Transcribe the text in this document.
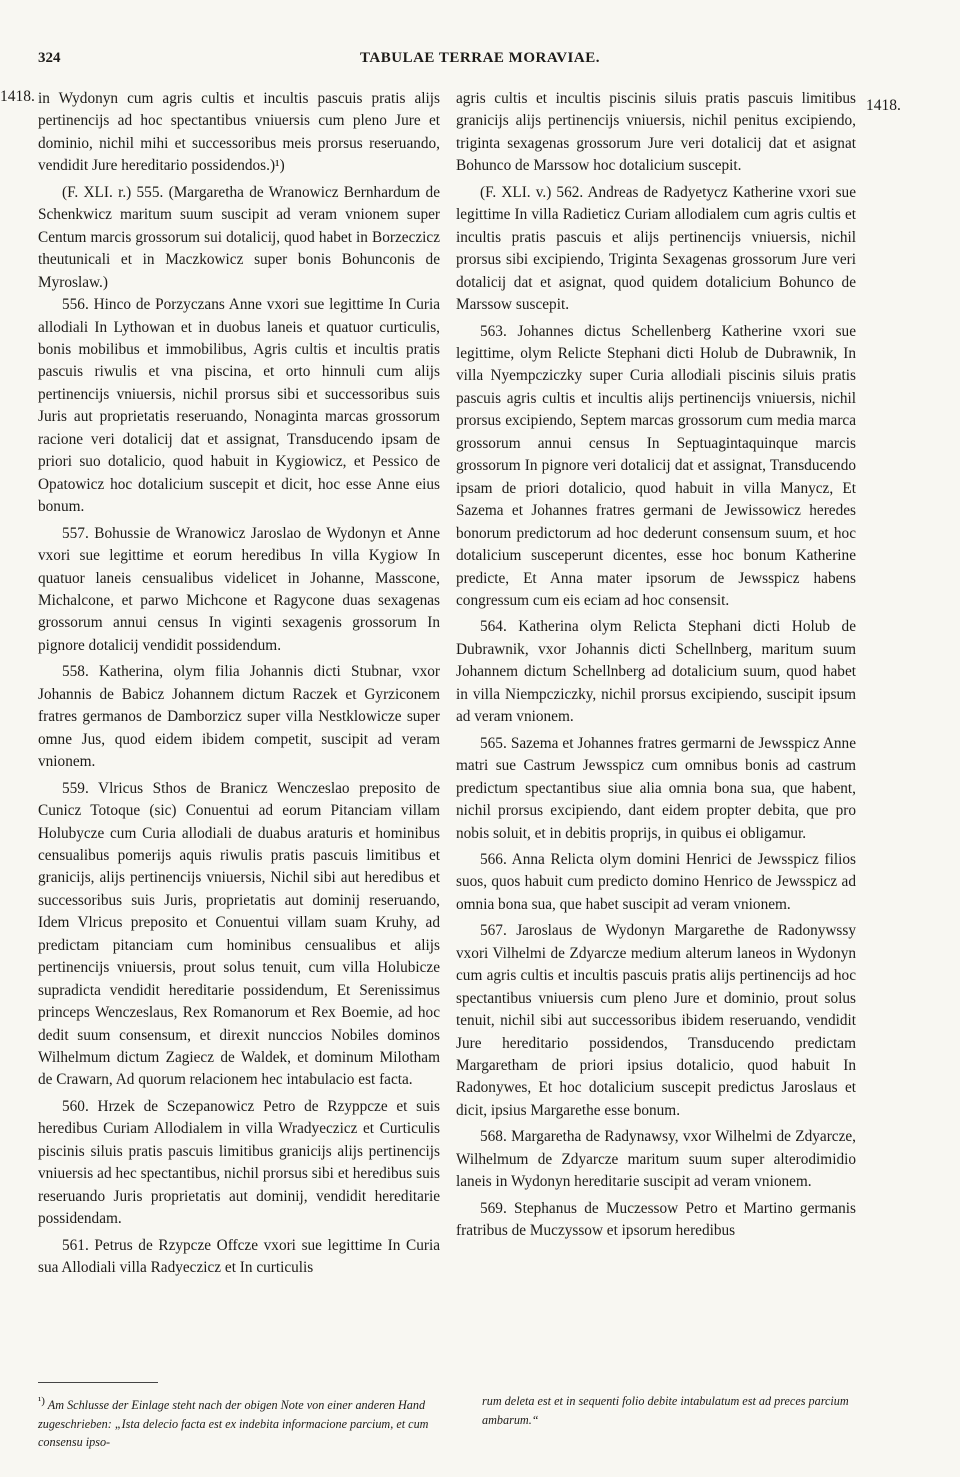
324	TABULAE TERRAE MORAVIAE.
1418.
1418.

in Wydonyn cum agris cultis et incultis pascuis pratis alijs pertinencijs ad hoc spectantibus vniuersis cum pleno Jure et dominio, nichil mihi et successoribus meis prorsus reseruando, vendidit Jure hereditario possidendos.)¹)

(F. XLI. r.) 555. (Margaretha de Wranowicz Bernhardum de Schenkwicz maritum suum suscipit ad veram vnionem super Centum marcis grossorum sui dotalicij, quod habet in Borzeczicz theutunicali et in Maczkowicz super bonis Bohunconis de Myroslaw.)

556. Hinco de Porzyczans Anne vxori sue legittime In Curia allodiali In Lythowan et in duobus laneis et quatuor curticulis, bonis mobilibus et immobilibus, Agris cultis et incultis pratis pascuis riwulis et vna piscina, et orto hinnuli cum alijs pertinencijs vniuersis, nichil prorsus sibi et successoribus suis Juris aut proprietatis reseruando, Nonaginta marcas grossorum racione veri dotalicij dat et assignat, Transducendo ipsam de priori suo dotalicio, quod habuit in Kygiowicz, et Pessico de Opatowicz hoc dotalicium suscepit et dicit, hoc esse Anne eius bonum.

557. Bohussie de Wranowicz Jaroslao de Wydonyn et Anne vxori sue legittime et eorum heredibus In villa Kygiow In quatuor laneis censualibus videlicet in Johanne, Masscone, Michalcone, et parwo Michcone et Ragycone duas sexagenas grossorum annui census In viginti sexagenis grossorum In pignore dotalicij vendidit possidendum.

558. Katherina, olym filia Johannis dicti Stubnar, vxor Johannis de Babicz Johannem dictum Raczek et Gyrziconem fratres germanos de Damborzicz super villa Nestklowicze super omne Jus, quod eidem ibidem competit, suscipit ad veram vnionem.

559. Vlricus Sthos de Branicz Wenczeslao preposito de Cunicz Totoque (sic) Conuentui ad eorum Pitanciam villam Holubycze cum Curia allodiali de duabus araturis et hominibus censualibus pomerijs aquis riwulis pratis pascuis limitibus et granicijs, alijs pertinencijs vniuersis, Nichil sibi aut heredibus et successoribus suis Juris, proprietatis aut dominij reseruando, Idem Vlricus preposito et Conuentui villam suam Kruhy, ad predictam pitanciam cum hominibus censualibus et alijs pertinencijs vniuersis, prout solus tenuit, cum villa Holubicze supradicta vendidit hereditarie possidendum, Et Serenissimus princeps Wenczeslaus, Rex Romanorum et Rex Boemie, ad hoc dedit suum consensum, et direxit nunccios Nobiles dominos Wilhelmum dictum Zagiecz de Waldek, et dominum Milotham de Crawarn, Ad quorum relacionem hec intabulacio est facta.

560. Hrzek de Sczepanowicz Petro de Rzyppcze et suis heredibus Curiam Allodialem in villa Wradyeczicz et Curticulis piscinis siluis pratis pascuis limitibus granicijs alijs pertinencijs vniuersis ad hec spectantibus, nichil prorsus sibi et heredibus suis reseruando Juris proprietatis aut dominij, vendidit hereditarie possidendam.

561. Petrus de Rzypcze Offcze vxori sue legittime In Curia sua Allodiali villa Radyeczicz et In curticulis

agris cultis et incultis piscinis siluis pratis pascuis limitibus granicijs alijs pertinencijs vniuersis, nichil penitus excipiendo, triginta sexagenas grossorum Jure veri dotalicij dat et asignat Bohunco de Marssow hoc dotalicium suscepit.

(F. XLI. v.) 562. Andreas de Radyetycz Katherine vxori sue legittime In villa Radieticz Curiam allodialem cum agris cultis et incultis pratis pascuis et alijs pertinencijs vniuersis, nichil prorsus sibi excipiendo, Triginta Sexagenas grossorum Jure veri dotalicij dat et asignat, quod quidem dotalicium Bohunco de Marssow suscepit.

563. Johannes dictus Schellenberg Katherine vxori sue legittime, olym Relicte Stephani dicti Holub de Dubrawnik, In villa Nyempcziczky super Curia allodiali piscinis siluis pratis pascuis agris cultis et incultis alijs pertinencijs vniuersis, nichil prorsus excipiendo, Septem marcas grossorum cum media marca grossorum annui census In Septuagintaquinque marcis grossorum In pignore veri dotalicij dat et assignat, Transducendo ipsam de priori dotalicio, quod habuit in villa Manycz, Et Sazema et Johannes fratres germani de Jewissowicz heredes bonorum predictorum ad hoc dederunt consensum suum, et hoc dotalicium susceperunt dicentes, esse hoc bonum Katherine predicte, Et Anna mater ipsorum de Jewsspicz habens congressum cum eis eciam ad hoc consensit.

564. Katherina olym Relicta Stephani dicti Holub de Dubrawnik, vxor Johannis dicti Schellnberg, maritum suum Johannem dictum Schellnberg ad dotalicium suum, quod habet in villa Niempcziczky, nichil prorsus excipiendo, suscipit ipsum ad veram vnionem.

565. Sazema et Johannes fratres germarni de Jewsspicz Anne matri sue Castrum Jewsspicz cum omnibus bonis ad castrum predictum spectantibus siue alia omnia bona sua, que habent, nichil prorsus excipiendo, dant eidem propter debita, que pro nobis soluit, et in debitis proprijs, in quibus ei obligamur.

566. Anna Relicta olym domini Henrici de Jewsspicz filios suos, quos habuit cum predicto domino Henrico de Jewsspicz ad omnia bona sua, que habet suscipit ad veram vnionem.

567. Jaroslaus de Wydonyn Margarethe de Radonywssy vxori Vilhelmi de Zdyarcze medium alterum laneos in Wydonyn cum agris cultis et incultis pascuis pratis alijs pertinencijs ad hoc spectantibus vniuersis cum pleno Jure et dominio, prout solus tenuit, nichil sibi aut successoribus ibidem reseruando, vendidit Jure hereditario possidendos, Transducendo predictam Margaretham de priori ipsius dotalicio, quod habuit In Radonywes, Et hoc dotalicium suscepit predictus Jaroslaus et dicit, ipsius Margarethe esse bonum.

568. Margaretha de Radynawsy, vxor Wilhelmi de Zdyarcze, Wilhelmum de Zdyarcze maritum suum super alterodimidio laneis in Wydonyn hereditarie suscipit ad veram vnionem.

569. Stephanus de Muczessow Petro et Martino germanis fratribus de Muczyssow et ipsorum heredibus

¹) Am Schlusse der Einlage steht nach der obigen Note von einer anderen Hand zugeschrieben: „Ista delecio facta est ex indebita informacione parcium, et cum consensu ipso-
rum deleta est et in sequenti folio debite intabulatum est ad preces parcium ambarum.“
